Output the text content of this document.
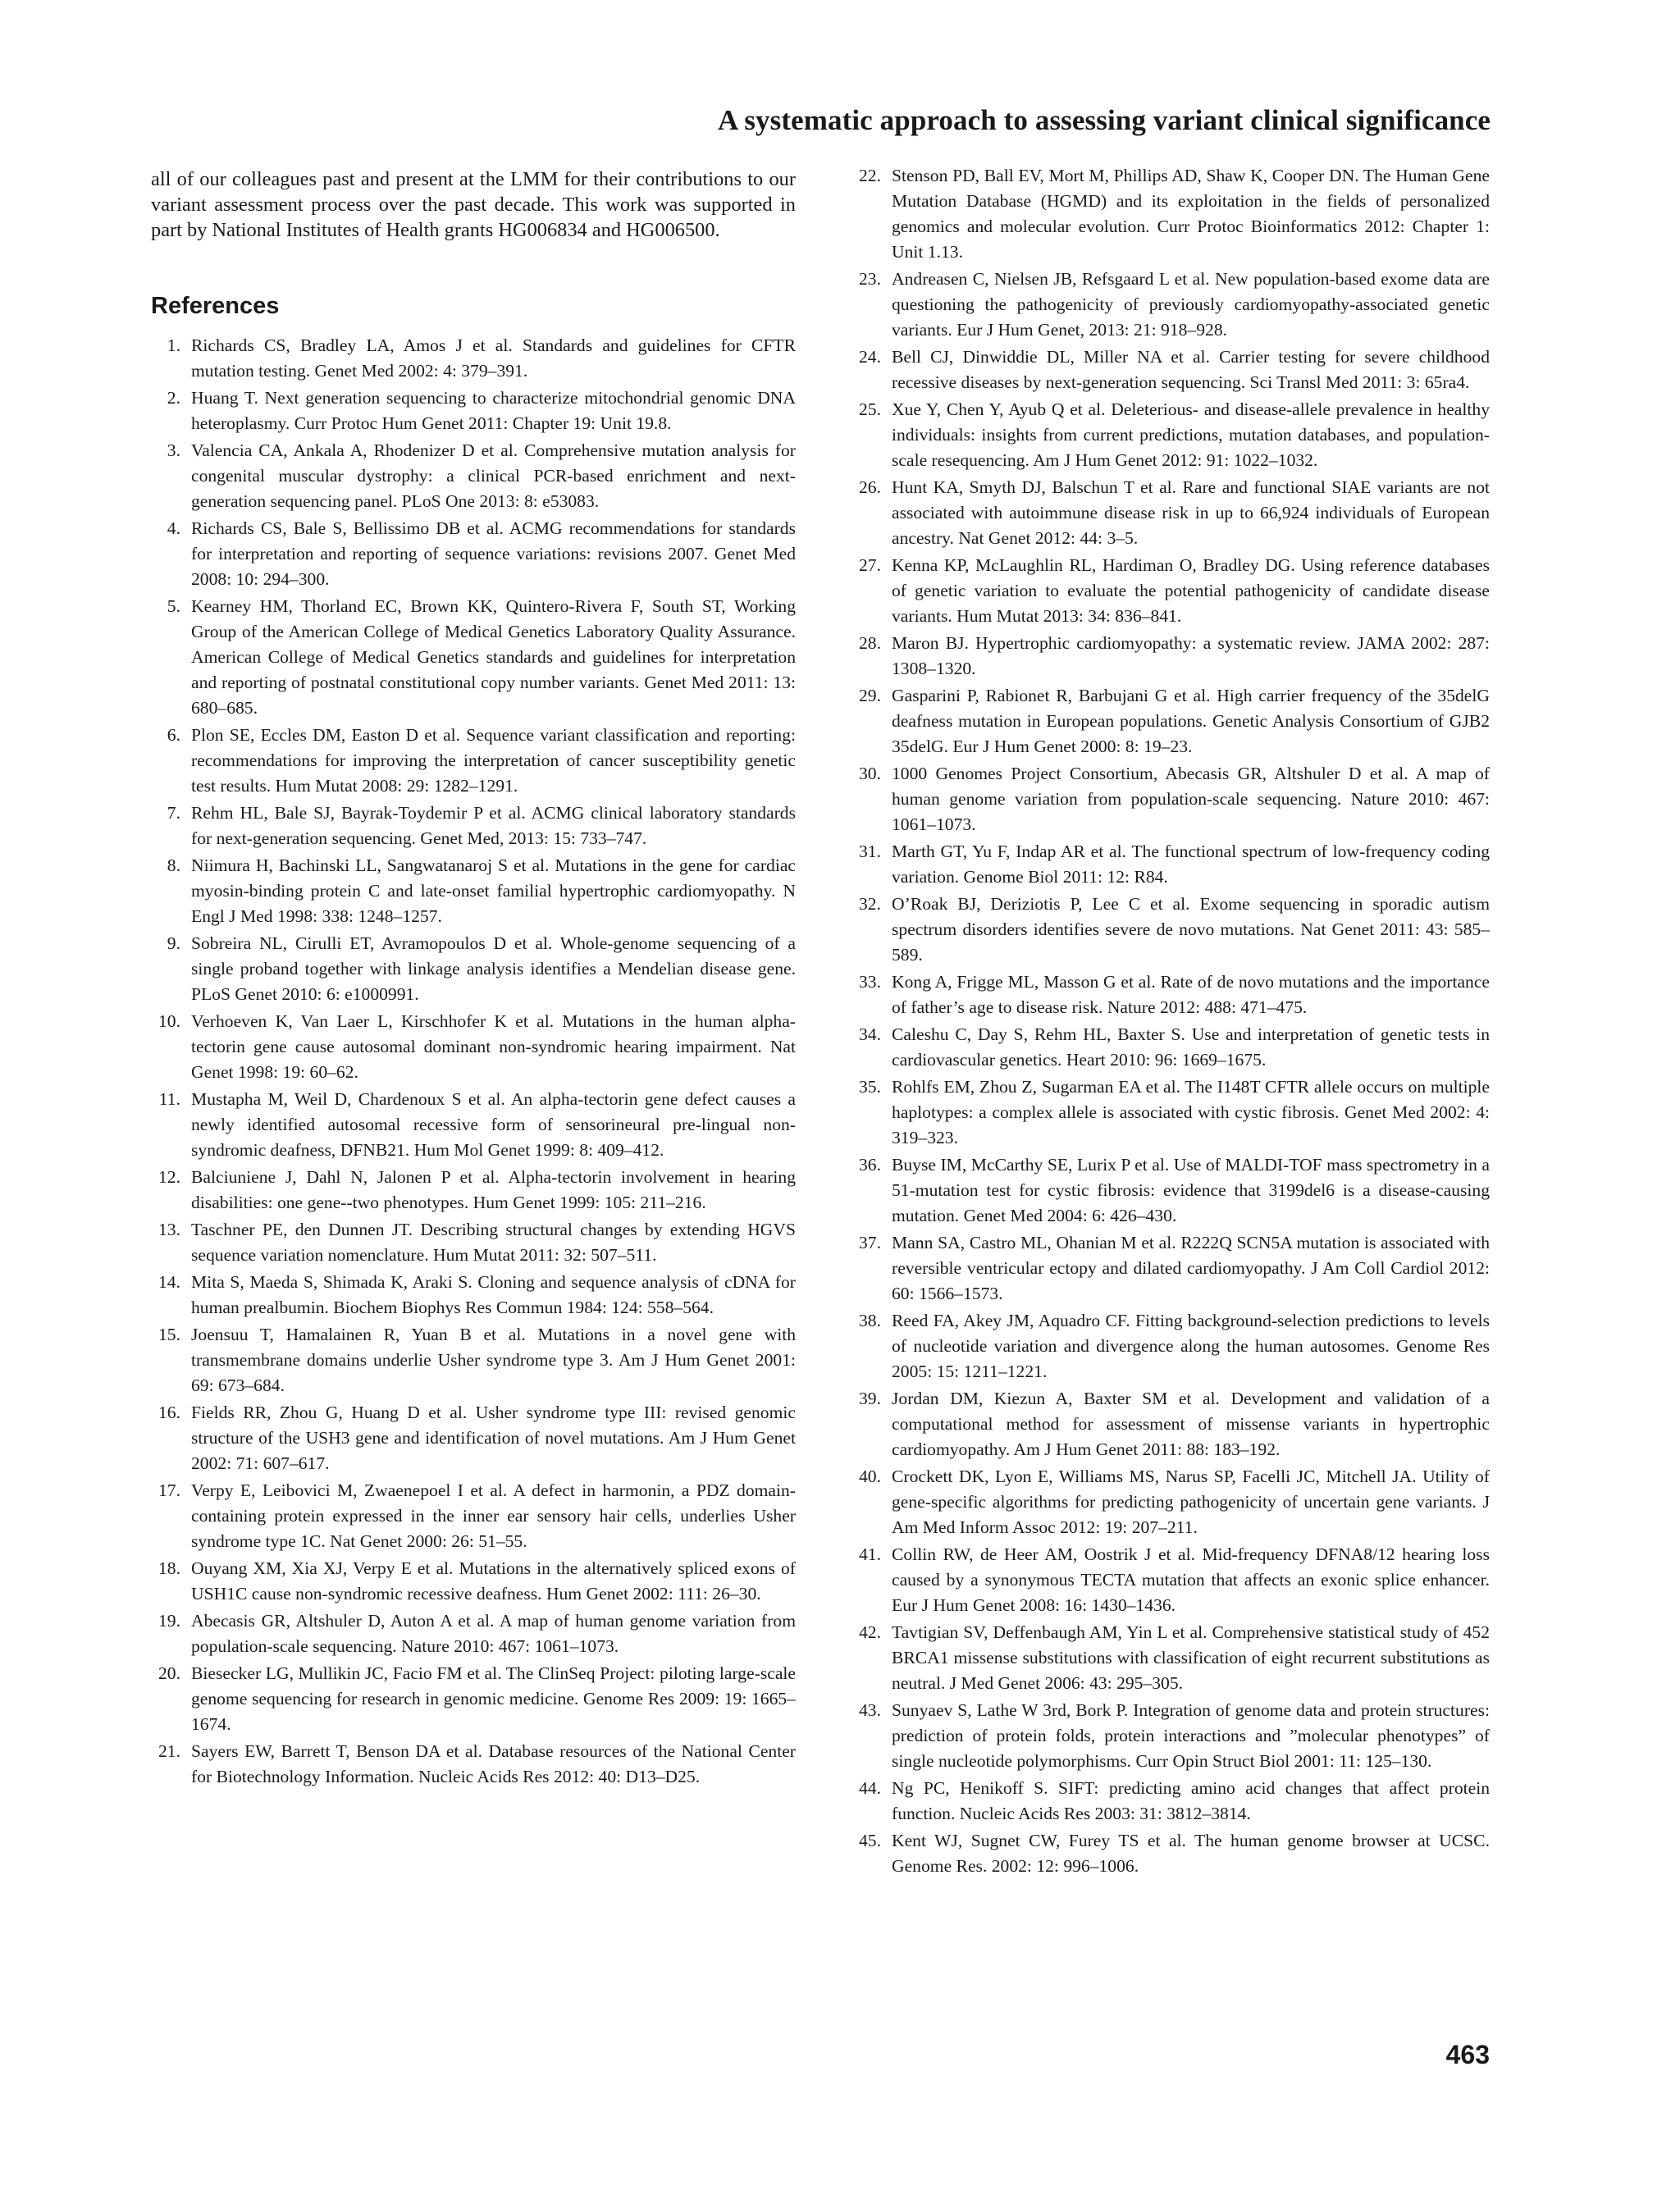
A systematic approach to assessing variant clinical significance

all of our colleagues past and present at the LMM for their contributions to our variant assessment process over the past decade. This work was supported in part by National Institutes of Health grants HG006834 and HG006500.

References
1. Richards CS, Bradley LA, Amos J et al. Standards and guidelines for CFTR mutation testing. Genet Med 2002: 4: 379–391.
2. Huang T. Next generation sequencing to characterize mitochondrial genomic DNA heteroplasmy. Curr Protoc Hum Genet 2011: Chapter 19: Unit 19.8.
3. Valencia CA, Ankala A, Rhodenizer D et al. Comprehensive mutation analysis for congenital muscular dystrophy: a clinical PCR-based enrichment and next-generation sequencing panel. PLoS One 2013: 8: e53083.
4. Richards CS, Bale S, Bellissimo DB et al. ACMG recommendations for standards for interpretation and reporting of sequence variations: revisions 2007. Genet Med 2008: 10: 294–300.
5. Kearney HM, Thorland EC, Brown KK, Quintero-Rivera F, South ST, Working Group of the American College of Medical Genetics Laboratory Quality Assurance. American College of Medical Genetics standards and guidelines for interpretation and reporting of postnatal constitutional copy number variants. Genet Med 2011: 13: 680–685.
6. Plon SE, Eccles DM, Easton D et al. Sequence variant classification and reporting: recommendations for improving the interpretation of cancer susceptibility genetic test results. Hum Mutat 2008: 29: 1282–1291.
7. Rehm HL, Bale SJ, Bayrak-Toydemir P et al. ACMG clinical laboratory standards for next-generation sequencing. Genet Med, 2013: 15: 733–747.
8. Niimura H, Bachinski LL, Sangwatanaroj S et al. Mutations in the gene for cardiac myosin-binding protein C and late-onset familial hypertrophic cardiomyopathy. N Engl J Med 1998: 338: 1248–1257.
9. Sobreira NL, Cirulli ET, Avramopoulos D et al. Whole-genome sequencing of a single proband together with linkage analysis identifies a Mendelian disease gene. PLoS Genet 2010: 6: e1000991.
10. Verhoeven K, Van Laer L, Kirschhofer K et al. Mutations in the human alpha-tectorin gene cause autosomal dominant non-syndromic hearing impairment. Nat Genet 1998: 19: 60–62.
11. Mustapha M, Weil D, Chardenoux S et al. An alpha-tectorin gene defect causes a newly identified autosomal recessive form of sensorineural pre-lingual non-syndromic deafness, DFNB21. Hum Mol Genet 1999: 8: 409–412.
12. Balciuniene J, Dahl N, Jalonen P et al. Alpha-tectorin involvement in hearing disabilities: one gene--two phenotypes. Hum Genet 1999: 105: 211–216.
13. Taschner PE, den Dunnen JT. Describing structural changes by extending HGVS sequence variation nomenclature. Hum Mutat 2011: 32: 507–511.
14. Mita S, Maeda S, Shimada K, Araki S. Cloning and sequence analysis of cDNA for human prealbumin. Biochem Biophys Res Commun 1984: 124: 558–564.
15. Joensuu T, Hamalainen R, Yuan B et al. Mutations in a novel gene with transmembrane domains underlie Usher syndrome type 3. Am J Hum Genet 2001: 69: 673–684.
16. Fields RR, Zhou G, Huang D et al. Usher syndrome type III: revised genomic structure of the USH3 gene and identification of novel mutations. Am J Hum Genet 2002: 71: 607–617.
17. Verpy E, Leibovici M, Zwaenepoel I et al. A defect in harmonin, a PDZ domain-containing protein expressed in the inner ear sensory hair cells, underlies Usher syndrome type 1C. Nat Genet 2000: 26: 51–55.
18. Ouyang XM, Xia XJ, Verpy E et al. Mutations in the alternatively spliced exons of USH1C cause non-syndromic recessive deafness. Hum Genet 2002: 111: 26–30.
19. Abecasis GR, Altshuler D, Auton A et al. A map of human genome variation from population-scale sequencing. Nature 2010: 467: 1061–1073.
20. Biesecker LG, Mullikin JC, Facio FM et al. The ClinSeq Project: piloting large-scale genome sequencing for research in genomic medicine. Genome Res 2009: 19: 1665–1674.
21. Sayers EW, Barrett T, Benson DA et al. Database resources of the National Center for Biotechnology Information. Nucleic Acids Res 2012: 40: D13–D25.
22. Stenson PD, Ball EV, Mort M, Phillips AD, Shaw K, Cooper DN. The Human Gene Mutation Database (HGMD) and its exploitation in the fields of personalized genomics and molecular evolution. Curr Protoc Bioinformatics 2012: Chapter 1: Unit 1.13.
23. Andreasen C, Nielsen JB, Refsgaard L et al. New population-based exome data are questioning the pathogenicity of previously cardiomyopathy-associated genetic variants. Eur J Hum Genet, 2013: 21: 918–928.
24. Bell CJ, Dinwiddie DL, Miller NA et al. Carrier testing for severe childhood recessive diseases by next-generation sequencing. Sci Transl Med 2011: 3: 65ra4.
25. Xue Y, Chen Y, Ayub Q et al. Deleterious- and disease-allele prevalence in healthy individuals: insights from current predictions, mutation databases, and population-scale resequencing. Am J Hum Genet 2012: 91: 1022–1032.
26. Hunt KA, Smyth DJ, Balschun T et al. Rare and functional SIAE variants are not associated with autoimmune disease risk in up to 66,924 individuals of European ancestry. Nat Genet 2012: 44: 3–5.
27. Kenna KP, McLaughlin RL, Hardiman O, Bradley DG. Using reference databases of genetic variation to evaluate the potential pathogenicity of candidate disease variants. Hum Mutat 2013: 34: 836–841.
28. Maron BJ. Hypertrophic cardiomyopathy: a systematic review. JAMA 2002: 287: 1308–1320.
29. Gasparini P, Rabionet R, Barbujani G et al. High carrier frequency of the 35delG deafness mutation in European populations. Genetic Analysis Consortium of GJB2 35delG. Eur J Hum Genet 2000: 8: 19–23.
30. 1000 Genomes Project Consortium, Abecasis GR, Altshuler D et al. A map of human genome variation from population-scale sequencing. Nature 2010: 467: 1061–1073.
31. Marth GT, Yu F, Indap AR et al. The functional spectrum of low-frequency coding variation. Genome Biol 2011: 12: R84.
32. O’Roak BJ, Deriziotis P, Lee C et al. Exome sequencing in sporadic autism spectrum disorders identifies severe de novo mutations. Nat Genet 2011: 43: 585–589.
33. Kong A, Frigge ML, Masson G et al. Rate of de novo mutations and the importance of father’s age to disease risk. Nature 2012: 488: 471–475.
34. Caleshu C, Day S, Rehm HL, Baxter S. Use and interpretation of genetic tests in cardiovascular genetics. Heart 2010: 96: 1669–1675.
35. Rohlfs EM, Zhou Z, Sugarman EA et al. The I148T CFTR allele occurs on multiple haplotypes: a complex allele is associated with cystic fibrosis. Genet Med 2002: 4: 319–323.
36. Buyse IM, McCarthy SE, Lurix P et al. Use of MALDI-TOF mass spectrometry in a 51-mutation test for cystic fibrosis: evidence that 3199del6 is a disease-causing mutation. Genet Med 2004: 6: 426–430.
37. Mann SA, Castro ML, Ohanian M et al. R222Q SCN5A mutation is associated with reversible ventricular ectopy and dilated cardiomyopathy. J Am Coll Cardiol 2012: 60: 1566–1573.
38. Reed FA, Akey JM, Aquadro CF. Fitting background-selection predictions to levels of nucleotide variation and divergence along the human autosomes. Genome Res 2005: 15: 1211–1221.
39. Jordan DM, Kiezun A, Baxter SM et al. Development and validation of a computational method for assessment of missense variants in hypertrophic cardiomyopathy. Am J Hum Genet 2011: 88: 183–192.
40. Crockett DK, Lyon E, Williams MS, Narus SP, Facelli JC, Mitchell JA. Utility of gene-specific algorithms for predicting pathogenicity of uncertain gene variants. J Am Med Inform Assoc 2012: 19: 207–211.
41. Collin RW, de Heer AM, Oostrik J et al. Mid-frequency DFNA8/12 hearing loss caused by a synonymous TECTA mutation that affects an exonic splice enhancer. Eur J Hum Genet 2008: 16: 1430–1436.
42. Tavtigian SV, Deffenbaugh AM, Yin L et al. Comprehensive statistical study of 452 BRCA1 missense substitutions with classification of eight recurrent substitutions as neutral. J Med Genet 2006: 43: 295–305.
43. Sunyaev S, Lathe W 3rd, Bork P. Integration of genome data and protein structures: prediction of protein folds, protein interactions and ”molecular phenotypes” of single nucleotide polymorphisms. Curr Opin Struct Biol 2001: 11: 125–130.
44. Ng PC, Henikoff S. SIFT: predicting amino acid changes that affect protein function. Nucleic Acids Res 2003: 31: 3812–3814.
45. Kent WJ, Sugnet CW, Furey TS et al. The human genome browser at UCSC. Genome Res. 2002: 12: 996–1006.

463
